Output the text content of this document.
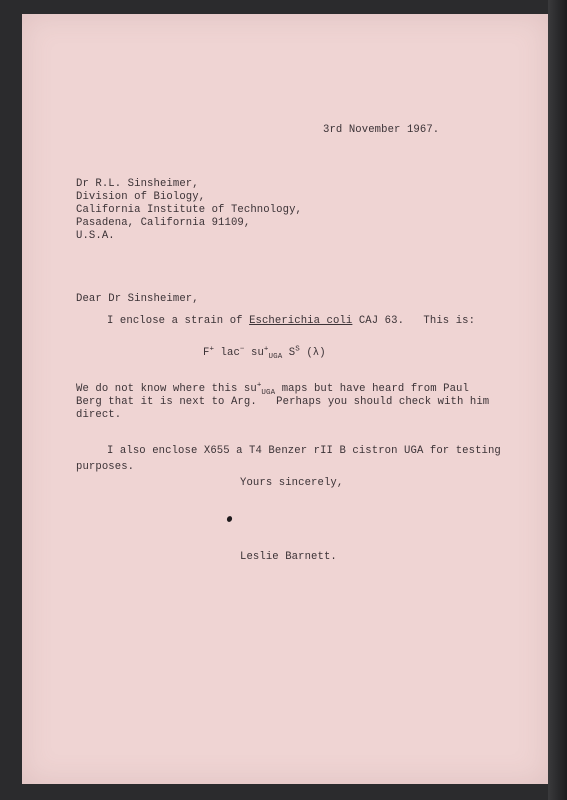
3rd November 1967.
Dr R.L. Sinsheimer,
Division of Biology,
California Institute of Technology,
Pasadena, California 91109,
U.S.A.
Dear Dr Sinsheimer,
I enclose a strain of Escherichia coli CAJ 63.   This is:
F+ lac− $su^+_{UGA}$ $S^S$ (λ)
We do not know where this $su^+_{UGA}$ maps but have heard from Paul
Berg that it is next to Arg.   Perhaps you should check with him
direct.
I also enclose X655 a T4 Benzer rII B cistron UGA for testing
purposes.
Yours sincerely,
Leslie Barnett.
